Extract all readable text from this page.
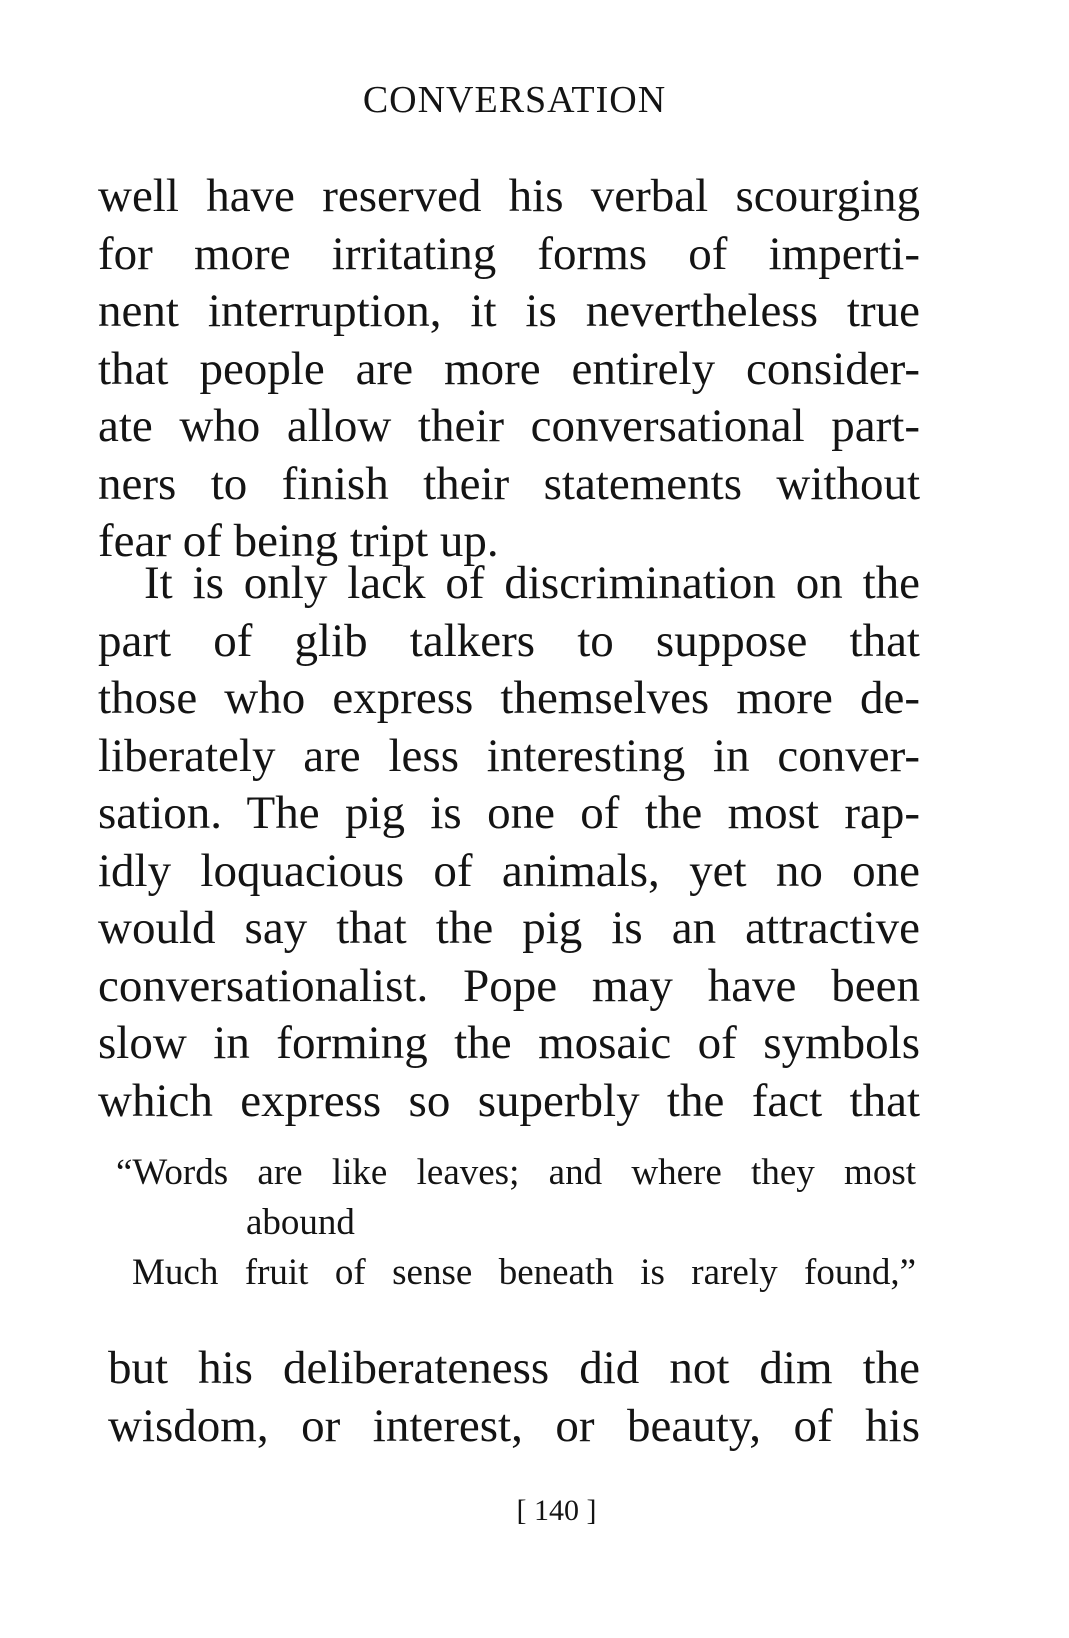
CONVERSATION
well have reserved his verbal scourging
for more irritating forms of imperti-
nent interruption, it is nevertheless true
that people are more entirely consider-
ate who allow their conversational part-
ners to finish their statements without
fear of being tript up.
It is only lack of discrimination on the
part of glib talkers to suppose that
those who express themselves more de-
liberately are less interesting in conver-
sation. The pig is one of the most rap-
idly loquacious of animals, yet no one
would say that the pig is an attractive
conversationalist. Pope may have been
slow in forming the mosaic of symbols
which express so superbly the fact that
“Words are like leaves; and where they most
abound
Much fruit of sense beneath is rarely found,”
but his deliberateness did not dim the
wisdom, or interest, or beauty, of his
[ 140 ]
